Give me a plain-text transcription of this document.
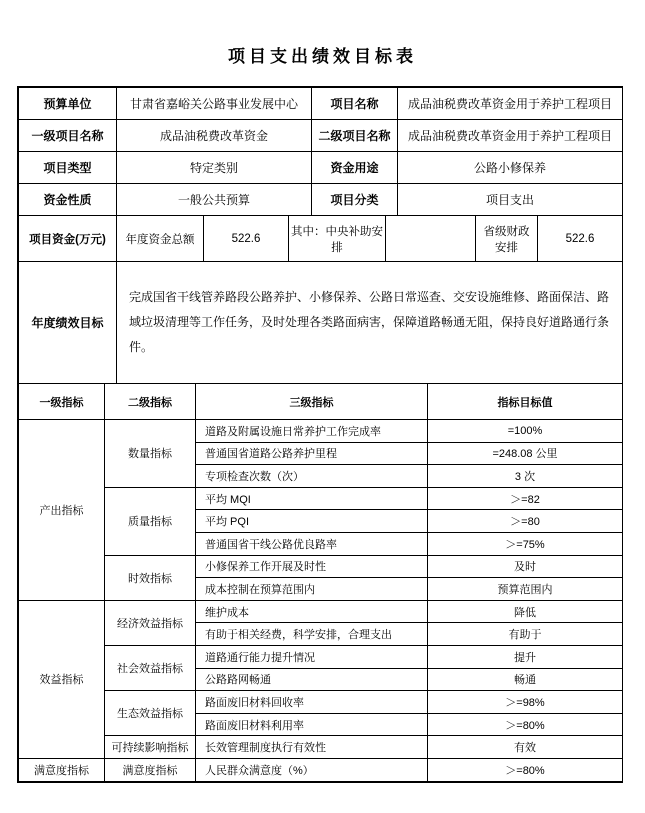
项目支出绩效目标表
预算单位	甘肃省嘉峪关公路事业发展中心	项目名称	成品油税费改革资金用于养护工程项目
一级项目名称	成品油税费改革资金	二级项目名称	成品油税费改革资金用于养护工程项目
项目类型	特定类别	资金用途	公路小修保养
资金性质	一般公共预算	项目分类	项目支出
项目资金(万元)	年度资金总额	522.6	其中：中央补助安排		省级财政安排	522.6
年度绩效目标	完成国省干线管养路段公路养护、小修保养、公路日常巡查、交安设施维修、路面保洁、路域垃圾清理等工作任务，及时处理各类路面病害，保障道路畅通无阻，保持良好道路通行条件。
一级指标	二级指标	三级指标	指标目标值
产出指标	数量指标	道路及附属设施日常养护工作完成率	=100%
		普通国省道路公路养护里程	=248.08 公里
		专项检查次数（次）	3 次
	质量指标	平均 MQI	＞=82
		平均 PQI	＞=80
		普通国省干线公路优良路率	＞=75%
	时效指标	小修保养工作开展及时性	及时
		成本控制在预算范围内	预算范围内
效益指标	经济效益指标	维护成本	降低
		有助于相关经费，科学安排，合理支出	有助于
	社会效益指标	道路通行能力提升情况	提升
		公路路网畅通	畅通
	生态效益指标	路面废旧材料回收率	＞=98%
		路面废旧材料利用率	＞=80%
	可持续影响指标	长效管理制度执行有效性	有效
满意度指标	满意度指标	人民群众满意度（%）	＞=80%
